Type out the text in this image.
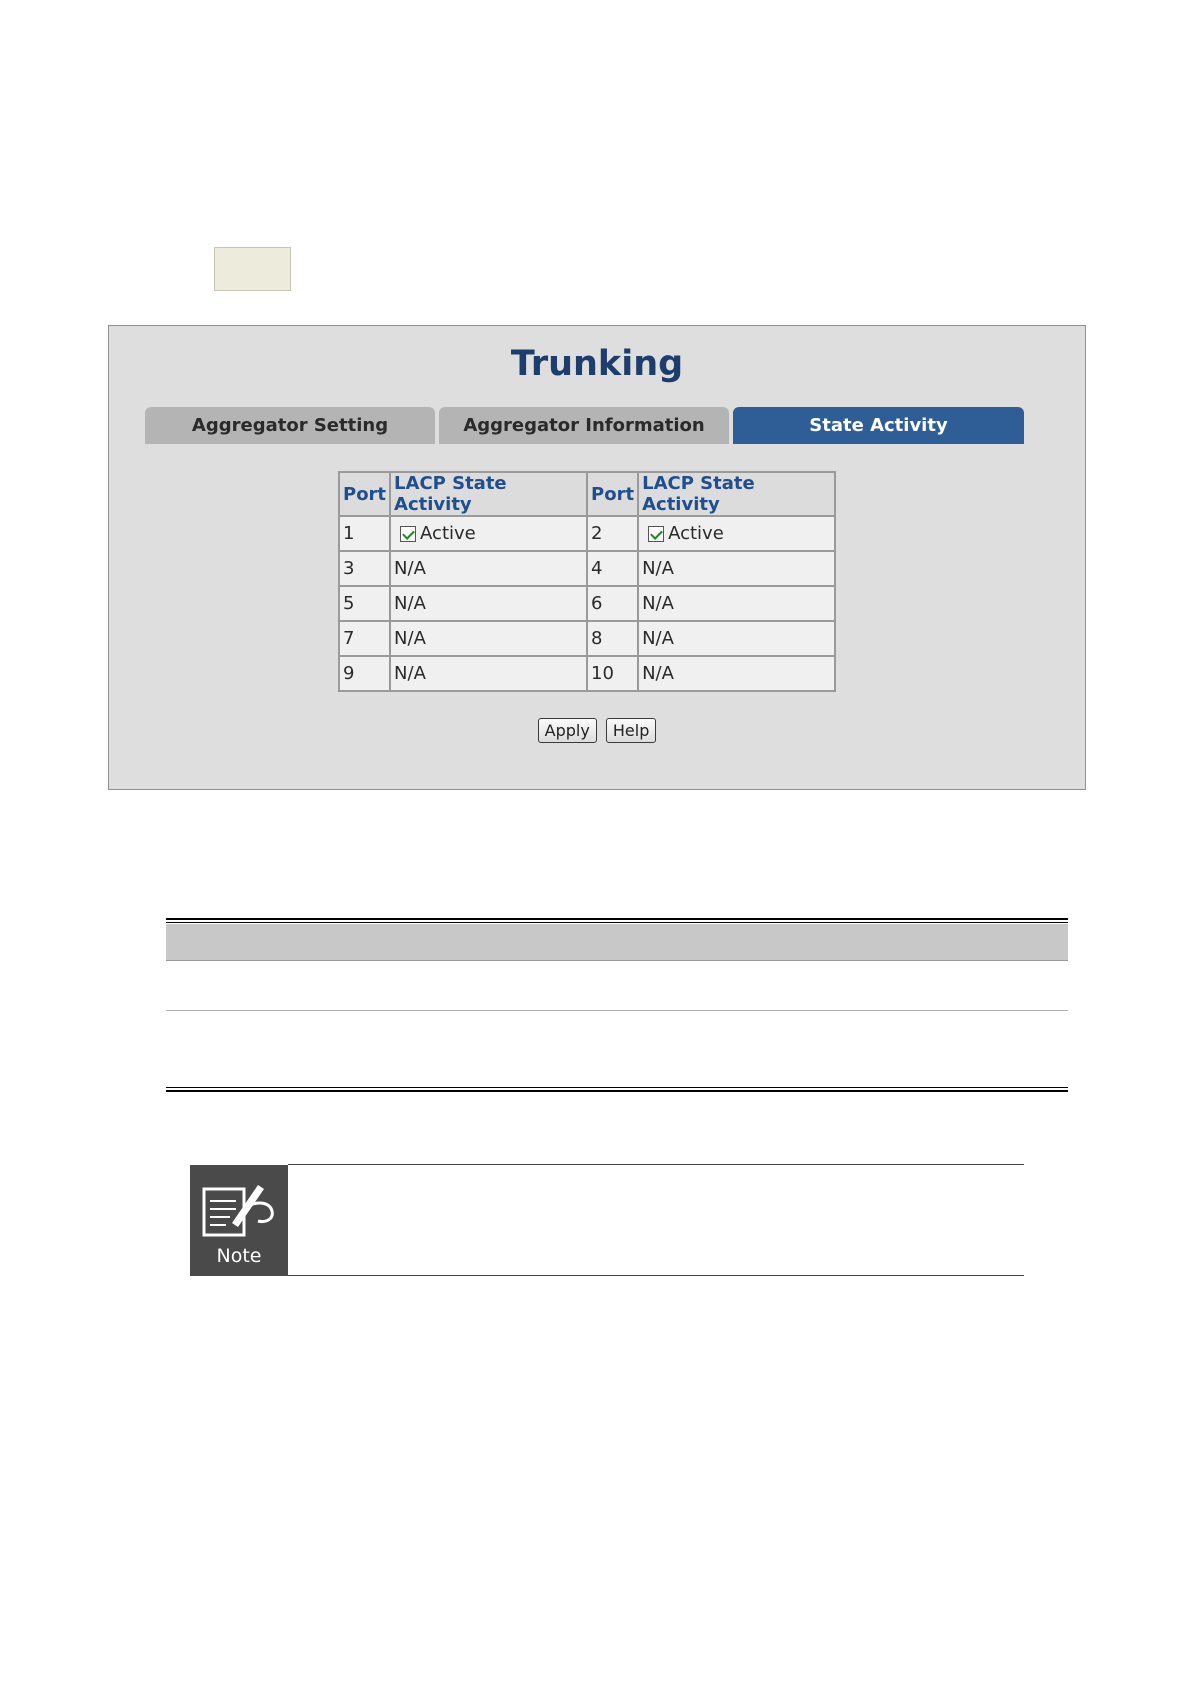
Trunking
Aggregator Setting	Aggregator Information	State Activity
Port	LACP State Activity	Port	LACP State Activity
1	Active	2	Active
3	N/A	4	N/A
5	N/A	6	N/A
7	N/A	8	N/A
9	N/A	10	N/A
Apply Help
Note
